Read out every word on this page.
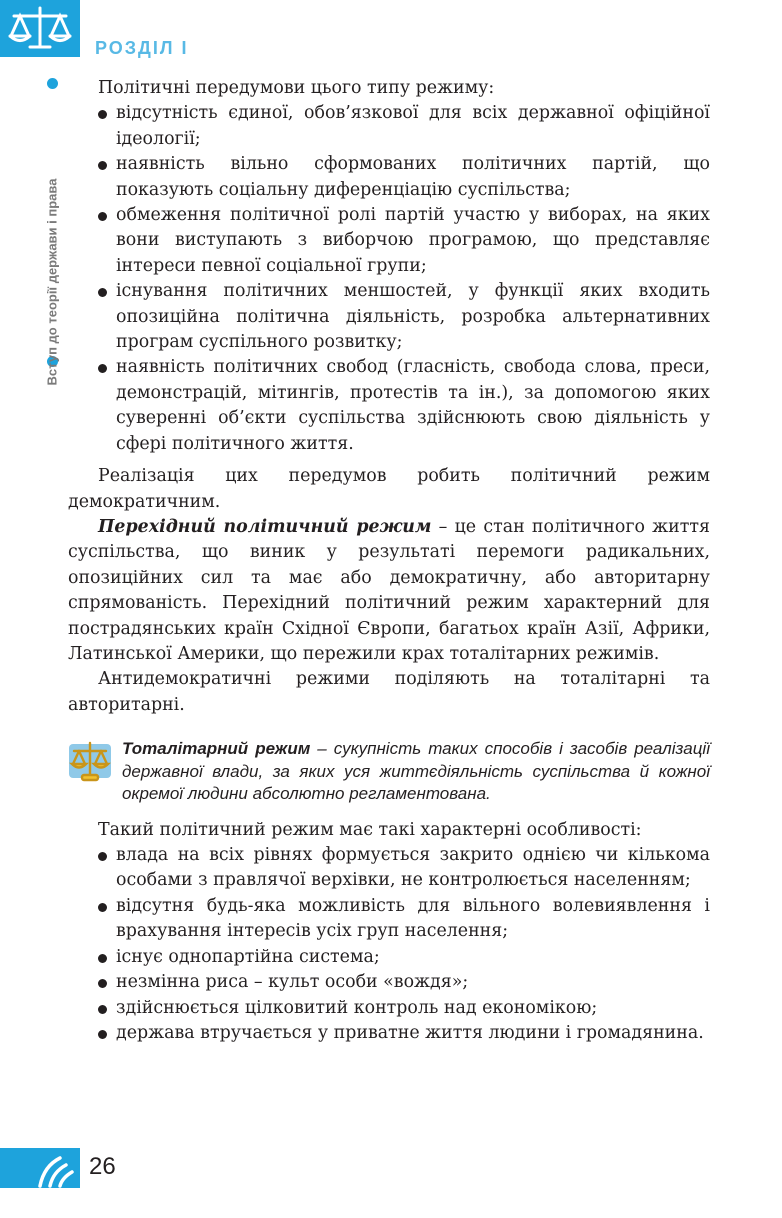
РОЗДІЛ І
Вступ до теорії держави і права

Політичні передумови цього типу режиму:

відсутність єдиної, обов’язкової для всіх державної офіційної ідеології;
наявність вільно сформованих політичних партій, що показують соціальну диференціацію суспільства;
обмеження політичної ролі партій участю у виборах, на яких вони виступають з виборчою програмою, що представляє інтереси певної соціальної групи;
існування політичних меншостей, у функції яких входить опозиційна політична діяльність, розробка альтернативних програм суспільного розвитку;
наявність політичних свобод (гласність, свобода слова, преси, демонстрацій, мітингів, протестів та ін.), за допомогою яких суверенні об’єкти суспільства здійснюють свою діяльність у сфері політичного життя.

Реалізація цих передумов робить політичний режим демократичним.

Перехідний політичний режим – це стан політичного життя суспільства, що виник у результаті перемоги радикальних, опозиційних сил та має або демократичну, або авторитарну спрямованість. Перехідний політичний режим характерний для пострадянських країн Східної Європи, багатьох країн Азії, Африки, Латинської Америки, що пережили крах тоталітарних режимів.

Антидемократичні режими поділяють на тоталітарні та авторитарні.

Тоталітарний режим – сукупність таких способів і засобів реалізації державної влади, за яких уся життєдіяльність суспільства й кожної окремої людини абсолютно регламентована.

Такий політичний режим має такі характерні особливості:

влада на всіх рівнях формується закрито однією чи кількома особами з правлячої верхівки, не контролюється населенням;
відсутня будь-яка можливість для вільного волевиявлення і врахування інтересів усіх груп населення;
існує однопартійна система;
незмінна риса – культ особи «вождя»;
здійснюється цілковитий контроль над економікою;
держава втручається у приватне життя людини і громадянина.
26
